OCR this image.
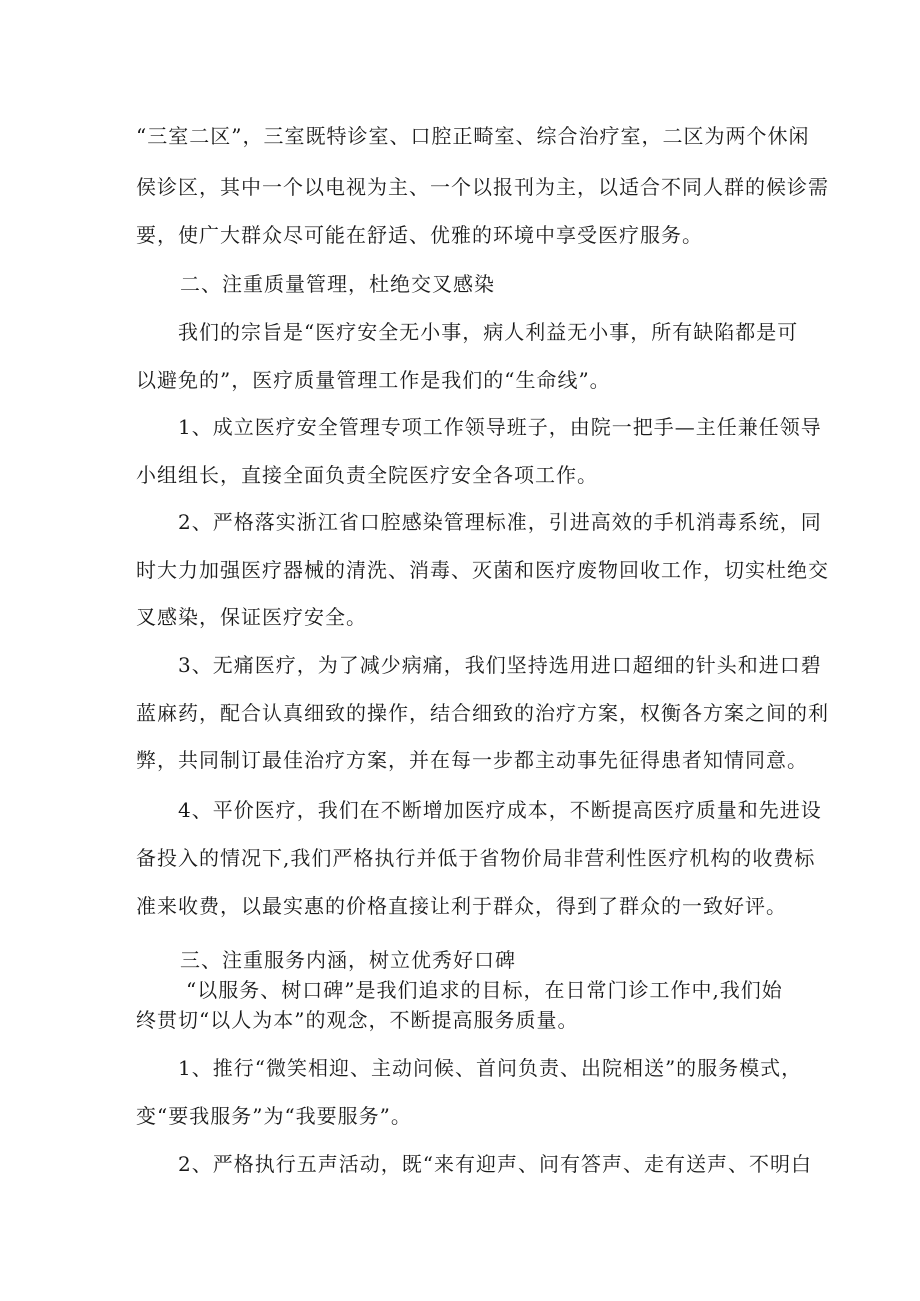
“三室二区”，三室既特诊室、口腔正畸室、综合治疗室，二区为两个休闲
侯诊区，其中一个以电视为主、一个以报刊为主，以适合不同人群的候诊需
要，使广大群众尽可能在舒适、优雅的环境中享受医疗服务。
二、注重质量管理，杜绝交叉感染
我们的宗旨是“医疗安全无小事，病人利益无小事，所有缺陷都是可
以避免的”，医疗质量管理工作是我们的“生命线”。
1、成立医疗安全管理专项工作领导班子，由院一把手—主任兼任领导
小组组长，直接全面负责全院医疗安全各项工作。
2、严格落实浙江省口腔感染管理标准，引进高效的手机消毒系统，同
时大力加强医疗器械的清洗、消毒、灭菌和医疗废物回收工作，切实杜绝交
叉感染，保证医疗安全。
3、无痛医疗，为了减少病痛，我们坚持选用进口超细的针头和进口碧
蓝麻药，配合认真细致的操作，结合细致的治疗方案，权衡各方案之间的利
弊，共同制订最佳治疗方案，并在每一步都主动事先征得患者知情同意。
4、平价医疗，我们在不断增加医疗成本，不断提高医疗质量和先进设
备投入的情况下,我们严格执行并低于省物价局非营利性医疗机构的收费标
准来收费，以最实惠的价格直接让利于群众，得到了群众的一致好评。
三、注重服务内涵，树立优秀好口碑
“以服务、树口碑”是我们追求的目标，在日常门诊工作中,我们始
终贯切“以人为本”的观念，不断提高服务质量。
1、推行“微笑相迎、主动问候、首问负责、出院相送”的服务模式，
变“要我服务”为“我要服务”。
2、严格执行五声活动，既“来有迎声、问有答声、走有送声、不明白
